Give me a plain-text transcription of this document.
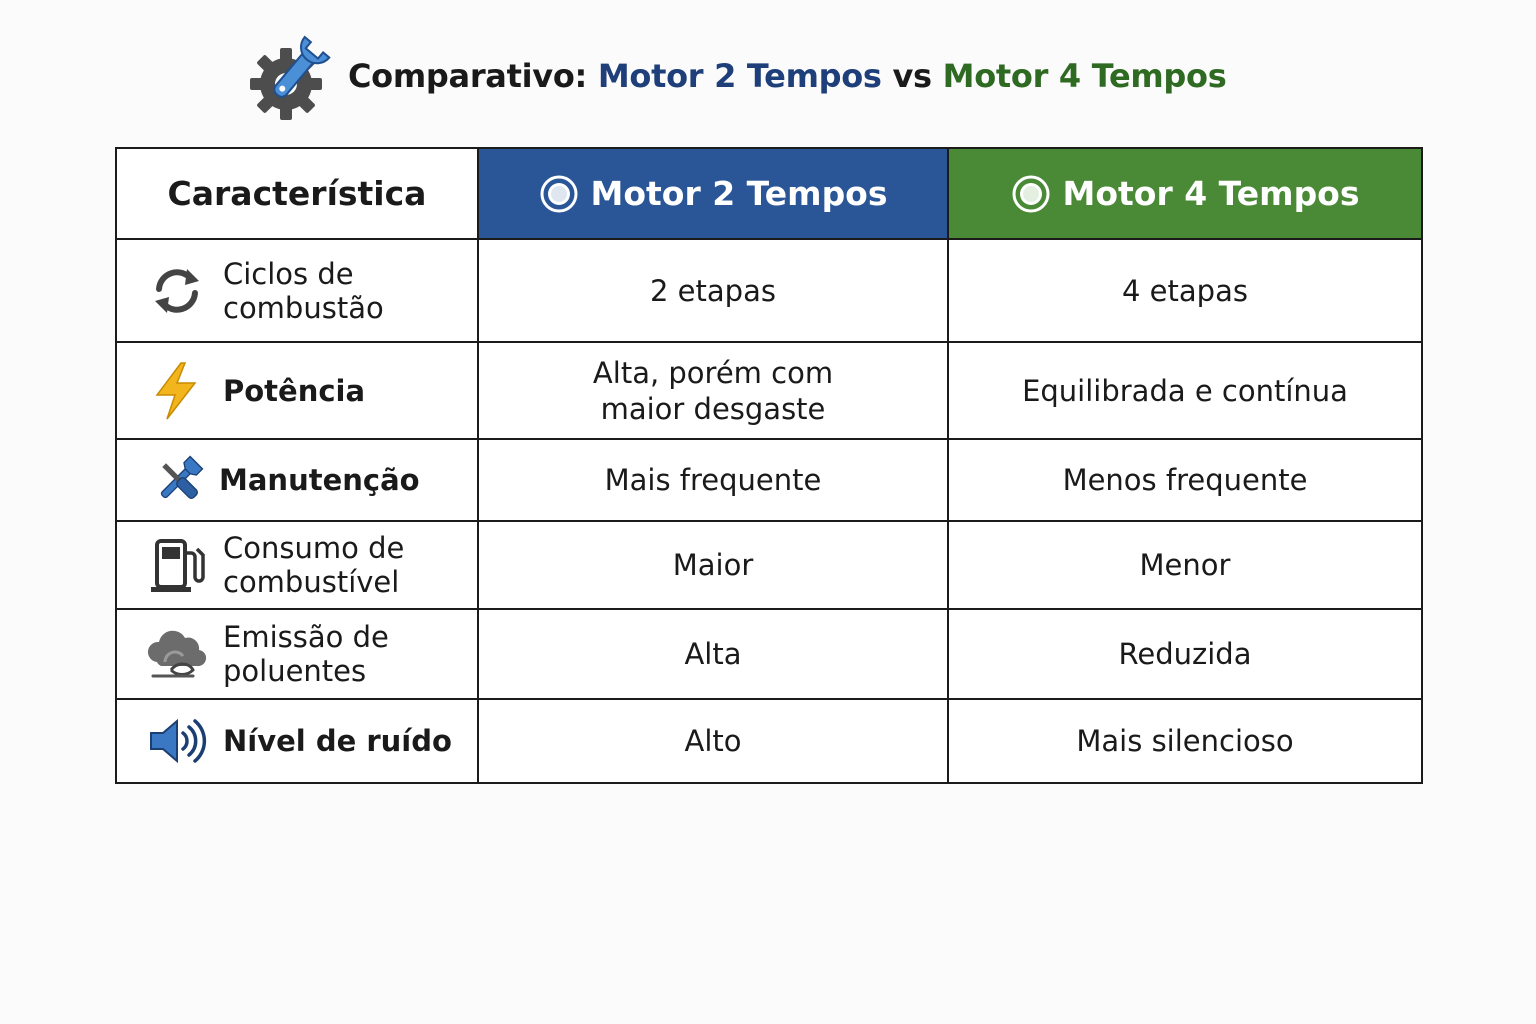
Comparativo: Motor 2 Tempos vs Motor 4 Tempos
Característica	Motor 2 Tempos	Motor 4 Tempos

Ciclos de combustão	2 etapas	4 etapas

Potência	Alta, porém com maior desgaste	Equilibrada e contínua

Manutenção	Mais frequente	Menos frequente

Consumo de combustível	Maior	Menor

Emissão de poluentes	Alta	Reduzida

Nível de ruído	Alto	Mais silencioso
